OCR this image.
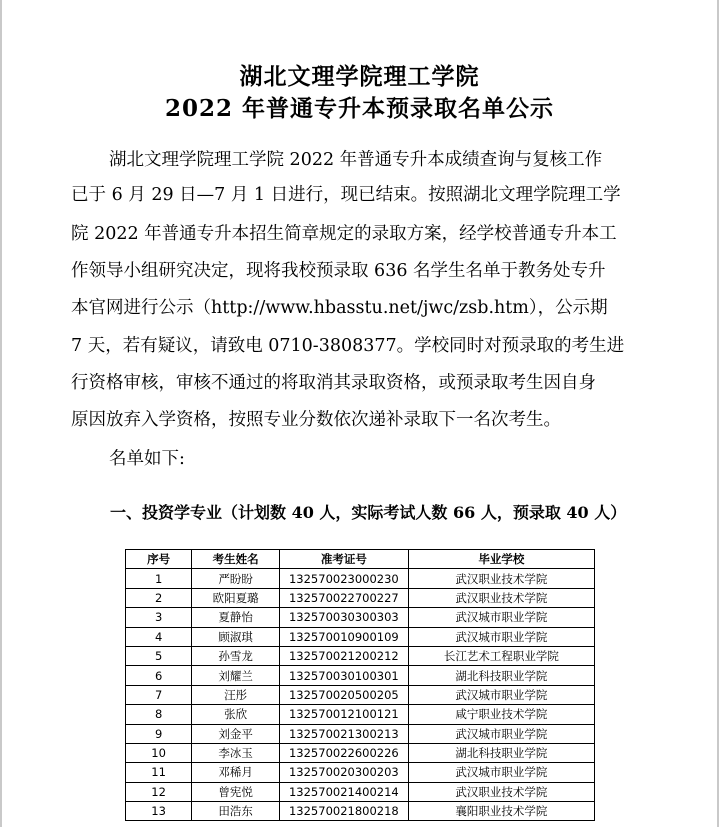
湖北文理学院理工学院
2022 年普通专升本预录取名单公示
湖北文理学院理工学院 2022 年普通专升本成绩查询与复核工作
已于 6 月 29 日—7 月 1 日进行，现已结束。按照湖北文理学院理工学
院 2022 年普通专升本招生简章规定的录取方案，经学校普通专升本工
作领导小组研究决定，现将我校预录取 636 名学生名单于教务处专升
本官网进行公示（http://www.hbasstu.net/jwc/zsb.htm），公示期
7 天，若有疑议，请致电 0710-3808377。学校同时对预录取的考生进
行资格审核，审核不通过的将取消其录取资格，或预录取考生因自身
原因放弃入学资格，按照专业分数依次递补录取下一名次考生。
名单如下:
一、投资学专业（计划数 40 人，实际考试人数 66 人，预录取 40 人）
序号	考生姓名	准考证号	毕业学校
1	严盼盼	132570023000230	武汉职业技术学院
2	欧阳夏璐	132570022700227	武汉职业技术学院
3	夏静怡	132570030300303	武汉城市职业学院
4	顾淑琪	132570010900109	武汉城市职业学院
5	孙雪龙	132570021200212	长江艺术工程职业学院
6	刘耀兰	132570030100301	湖北科技职业学院
7	汪彤	132570020500205	武汉城市职业学院
8	张欣	132570012100121	咸宁职业技术学院
9	刘金平	132570021300213	武汉城市职业学院
10	李冰玉	132570022600226	湖北科技职业学院
11	邓稀月	132570020300203	武汉城市职业学院
12	曾宪悦	132570021400214	武汉职业技术学院
13	田浩东	132570021800218	襄阳职业技术学院
